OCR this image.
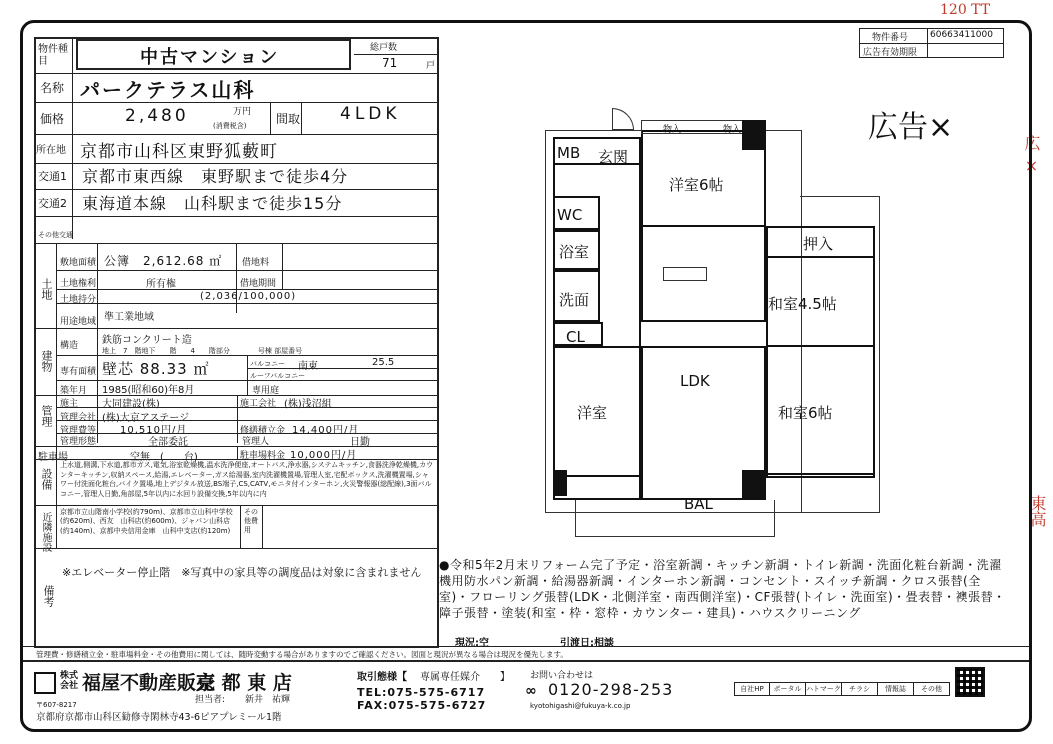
120 TT
広 ×
東高
物件種目	中古マンション	総戸数
71	戸
名称 パークテラス山科
価格	2,480	万円
(消費税含) 間取 4LDK
所在地 京都市山科区東野狐藪町
交通1 京都市東西線　東野駅まで徒歩4分
交通2 東海道本線　山科駅まで徒歩15分
その他交通
土地
敷地面積 公簿　2,612.68 ㎡ 借地料
土地権利	所有権	借地期間
土地持分	(2,036/100,000)
用途地域 準工業地域
建物
構造 鉄筋コンクリート造
地上　7　階地下　　階　　4　　階部分　　　　号棟 部屋番号
専有面積 壁芯 88.33 ㎡	バルコニー 南東	25.5
ルーフバルコニー
築年月 1985(昭和60)年8月	専用庭
管理
施主 大同建設(株)	施工会社 (株)浅沼組
管理会社 (株)大京アステージ
管理費等 10,510円/月	修繕積立金 14,400円/月
管理形態	全部委託	管理人	日勤
駐車場	空無　(　　台)	駐車場料金 10,000円/月
設備
上水道,側溝,下水道,都市ガス,電気,浴室乾燥機,温水洗浄便座,オートバス,浄水器,システムキッチン,食器洗浄乾燥機,カウンターキッチン,収納スペース,給湯,エレベーター,ガス給湯器,室内洗濯機置場,管理人室,宅配ボックス,洗濯機置場,シャワー付洗面化粧台,バイク置場,地上デジタル放送,BS端子,CS,CATV,モニタ付インターホン,火災警報器(総配線),3面バルコニー,管理人日勤,角部屋,5年以内に水回り設備交換,5年以内に内
近隣施設 京都市立山階南小学校(約790m)、京都市立山科中学校(約620m)、西友　山科店(約600m)、ジャパン山科店(約140m)、京都中央信用金庫　山科中支店(約120m)
その他費用
備考
※エレベーター停止階　※写真中の家具等の調度品は対象に含まれません
物件番号 60663411000
広告有効期限
広告×
MB 玄関
洋室6帖
物入	物入
WC
浴室	押入
洗面	和室4.5帖
CL
LDK
洋室	和室6帖
BAL
●令和5年2月末リフォーム完了予定・浴室新調・キッチン新調・トイレ新調・洗面化粧台新調・洗濯機用防水パン新調・給湯器新調・インターホン新調・コンセント・スイッチ新調・クロス張替(全室)・フローリング張替(LDK・北側洋室・南西側洋室)・CF張替(トイレ・洗面室)・畳表替・襖張替・障子張替・塗装(和室・枠・窓枠・カウンター・建具)・ハウスクリーニング
現況:空	引渡日:相談
管理費・修繕積立金・駐車場料金・その他費用に関しては、随時変動する場合がありますのでご確認ください。図面と現況が異なる場合は現況を優先します。
株式会社 福屋不動産販売
京 都 東 店
担当者: 新井　祐輝
〒607-8217
京都府京都市山科区勧修寺閑林寺43-6ピアプレミール1階
取引態様【 専属専任媒介 】
TEL:075-575-6717
FAX:075-575-6727
お問い合わせは
∞ 0120-298-253
kyotohigashi@fukuya-k.co.jp
自社HP	ポータル ハトマーク	チラシ	情報誌	その他
